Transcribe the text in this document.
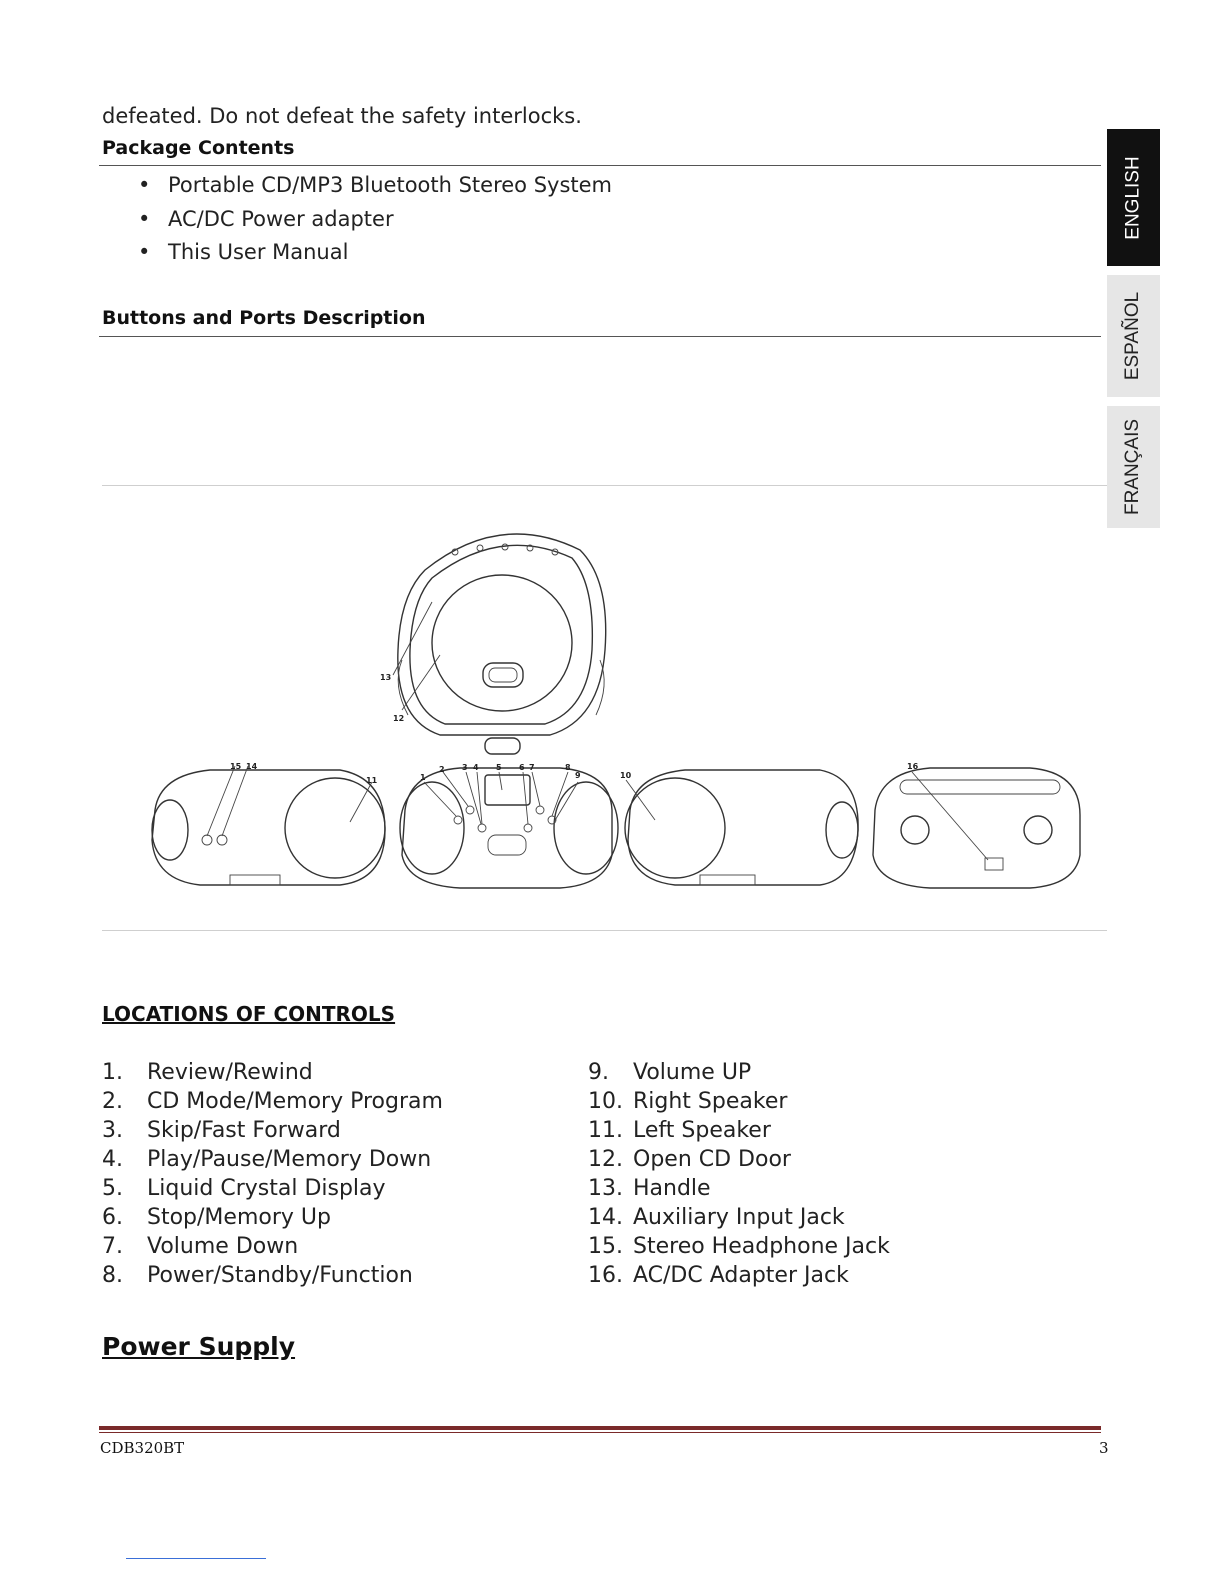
defeated. Do not defeat the safety interlocks.
Package Contents
• Portable CD/MP3 Bluetooth Stereo System
• AC/DC Power adapter
• This User Manual
Buttons and Ports Description
ENGLISH
ESPAÑOL
FRANÇAIS
1
2 3 4 5 6 7	8
9	10
11
12
13
14
15	16
LOCATIONS OF CONTROLS
1. Review/Rewind
2. CD Mode/Memory Program
3. Skip/Fast Forward
4. Play/Pause/Memory Down
5. Liquid Crystal Display
6. Stop/Memory Up
7. Volume Down
8. Power/Standby/Function
9. Volume UP
10. Right Speaker
11. Left Speaker
12. Open CD Door
13. Handle
14. Auxiliary Input Jack
15. Stereo Headphone Jack
16. AC/DC Adapter Jack
Power Supply
CDB320BT	3
